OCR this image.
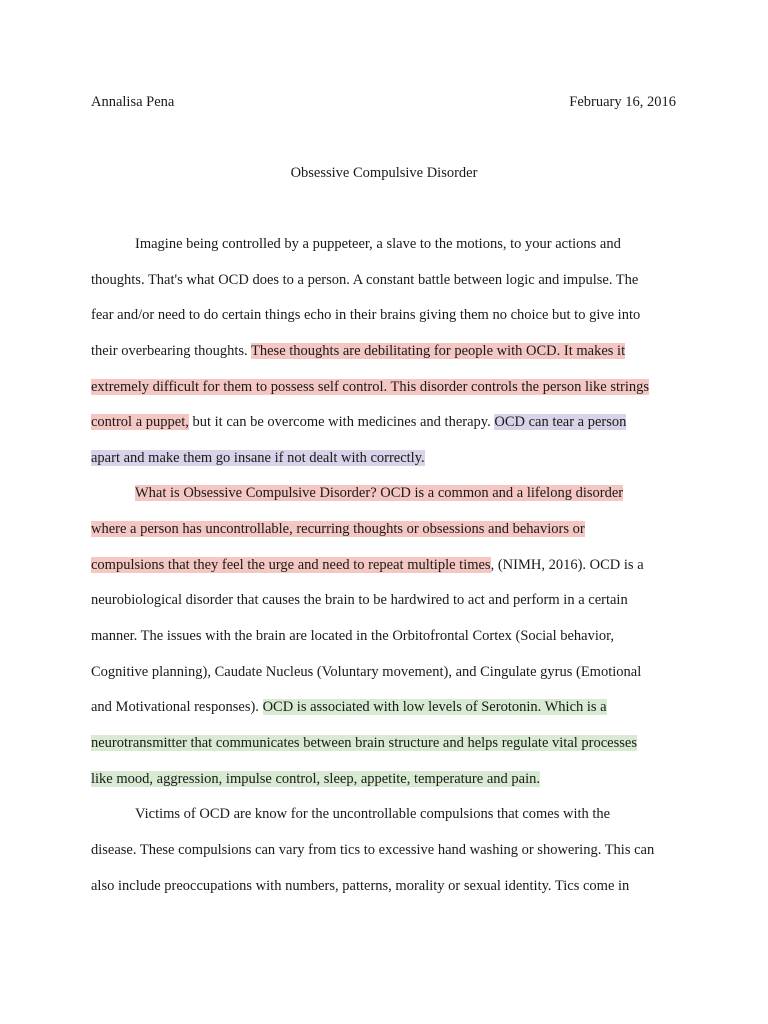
Annalisa Pena	February 16, 2016
Obsessive Compulsive Disorder
Imagine being controlled by a puppeteer, a slave to the motions, to your actions and
thoughts. That's what OCD does to a person. A constant battle between logic and impulse. The
fear and/or need to do certain things echo in their brains giving them no choice but to give into
their overbearing thoughts. These thoughts are debilitating for people with OCD. It makes it
extremely difficult for them to possess self control. This disorder controls the person like strings
control a puppet, but it can be overcome with medicines and therapy. OCD can tear a person
apart and make them go insane if not dealt with correctly.
What is Obsessive Compulsive Disorder? OCD is a common and a lifelong disorder
where a person has uncontrollable, recurring thoughts or obsessions and behaviors or
compulsions that they feel the urge and need to repeat multiple times, (NIMH, 2016). OCD is a
neurobiological disorder that causes the brain to be hardwired to act and perform in a certain
manner. The issues with the brain are located in the Orbitofrontal Cortex (Social behavior,
Cognitive planning), Caudate Nucleus (Voluntary movement), and Cingulate gyrus (Emotional
and Motivational responses). OCD is associated with low levels of Serotonin. Which is a
neurotransmitter that communicates between brain structure and helps regulate vital processes
like mood, aggression, impulse control, sleep, appetite, temperature and pain.
Victims of OCD are know for the uncontrollable compulsions that comes with the
disease. These compulsions can vary from tics to excessive hand washing or showering. This can
also include preoccupations with numbers, patterns, morality or sexual identity. Tics come in
